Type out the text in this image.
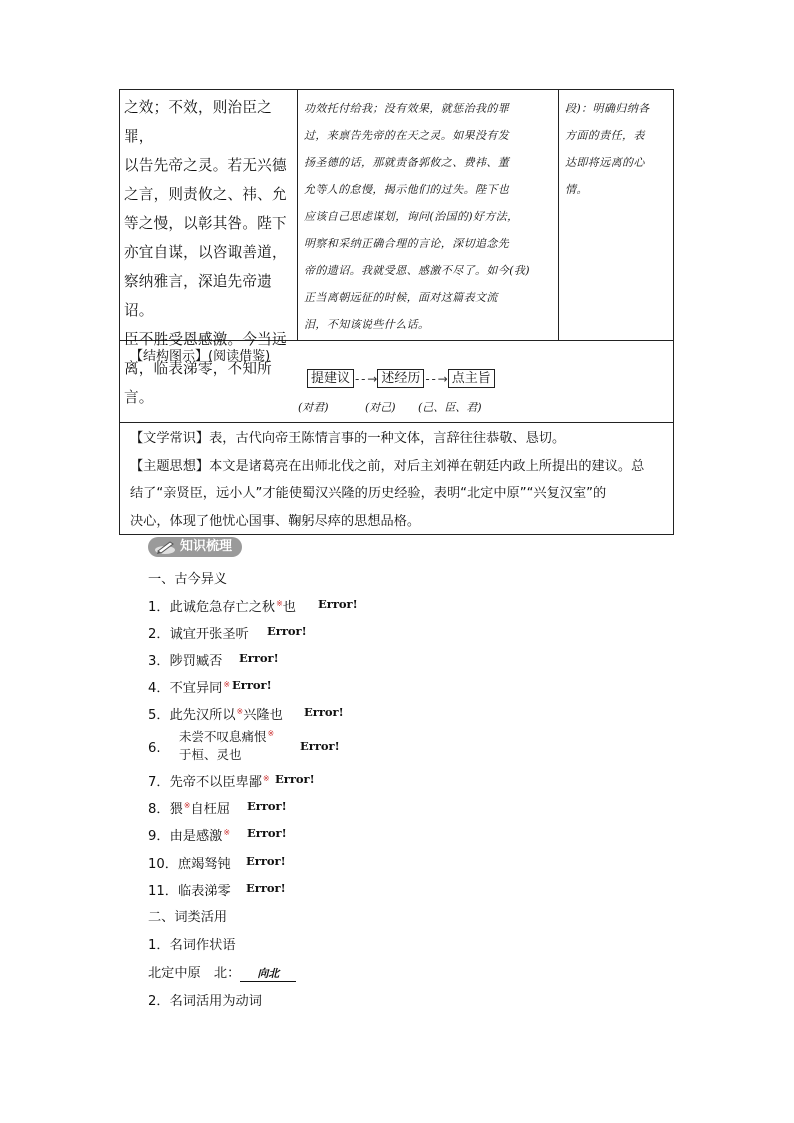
之效；不效，则治臣之罪，

以告先帝之灵。若无兴德

之言，则责攸之、祎、允

等之慢，以彰其咎。陛下

亦宜自谋，以咨诹善道，

察纳雅言，深追先帝遗诏。

臣不胜受恩感激。今当远

离，临表涕零，不知所言。

功效托付给我；没有效果，就惩治我的罪

过，来禀告先帝的在天之灵。如果没有发

扬圣德的话，那就责备郭攸之、费祎、董

允等人的怠慢，揭示他们的过失。陛下也

应该自己思虑谋划，询问(治国的)好方法，

明察和采纳正确合理的言论，深切追念先

帝的遗诏。我就受恩、感激不尽了。如今(我)

正当离朝远征的时候，面对这篇表文流

泪，不知该说些什么话。

段)：明确归纳各

方面的责任，表

达即将远离的心

情。

【结构图示】(阅读借鉴)
提建议 - - → 述经历 - - → 点主旨
(对君)	(对己) (己、臣、君)

【文学常识】表，古代向帝王陈情言事的一种文体，言辞往往恭敬、恳切。

【主题思想】本文是诸葛亮在出师北伐之前，对后主刘禅在朝廷内政上所提出的建议。总

结了“亲贤臣，远小人”才能使蜀汉兴隆的历史经验，表明“北定中原”“兴复汉室”的

决心，体现了他忧心国事、鞠躬尽瘁的思想品格。

知识梳理
一、古今异义
1．此诚危急存亡之秋※也 Error!
2．诚宜开张圣听 Error!
3．陟罚臧否 Error!
4．不宜异同※ Error!
5．此先汉所以※兴隆也 Error!
6.
未尝不叹息痛恨※
于桓、灵也
Error!
7．先帝不以臣卑鄙※ Error!
8．猥※自枉屈 Error!
9．由是感激※ Error!
10．庶竭驽钝 Error!
11．临表涕零 Error!
二、词类活用
1．名词作状语
北定中原　北： 向北
2．名词活用为动词
